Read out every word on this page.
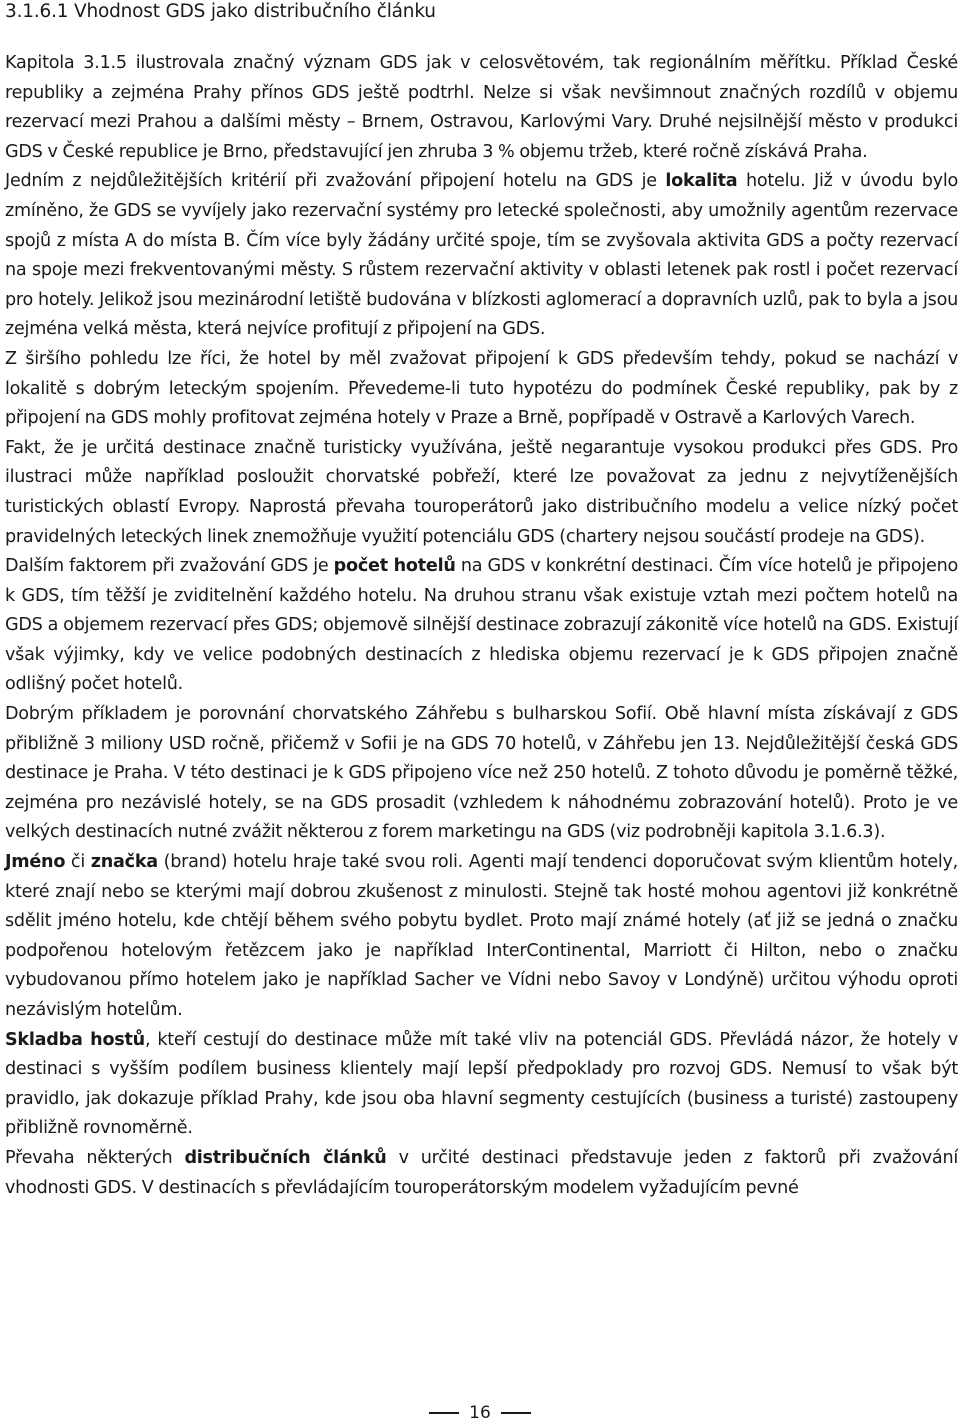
3.1.6.1 Vhodnost GDS jako distribučního článku

Kapitola 3.1.5 ilustrovala značný význam GDS jak v celosvětovém, tak regionálním měřítku. Příklad České republiky a zejména Prahy přínos GDS ještě podtrhl. Nelze si však nevšimnout značných rozdílů v objemu rezervací mezi Prahou a dalšími městy – Brnem, Ostravou, Karlovými Vary. Druhé nejsilnější město v produkci GDS v České republice je Brno, představující jen zhruba 3 % objemu tržeb, které ročně získává Praha.

Jedním z nejdůležitějších kritérií při zvažování připojení hotelu na GDS je lokalita hotelu. Již v úvodu bylo zmíněno, že GDS se vyvíjely jako rezervační systémy pro letecké společnosti, aby umožnily agentům rezervace spojů z místa A do místa B. Čím více byly žádány určité spoje, tím se zvyšovala aktivita GDS a počty rezervací na spoje mezi frekventovanými městy. S růstem rezervační aktivity v oblasti letenek pak rostl i počet rezervací pro hotely. Jelikož jsou mezinárodní letiště budována v blízkosti aglomerací a dopravních uzlů, pak to byla a jsou zejména velká města, která nejvíce profitují z připojení na GDS.

Z širšího pohledu lze říci, že hotel by měl zvažovat připojení k GDS především tehdy, pokud se nachází v lokalitě s dobrým leteckým spojením. Převedeme-li tuto hypotézu do podmínek České republiky, pak by z připojení na GDS mohly profitovat zejména hotely v Praze a Brně, popřípadě v Ostravě a Karlových Varech.

Fakt, že je určitá destinace značně turisticky využívána, ještě negarantuje vysokou produkci přes GDS. Pro ilustraci může například posloužit chorvatské pobřeží, které lze považovat za jednu z nejvytíženějších turistických oblastí Evropy. Naprostá převaha touroperátorů jako distribučního modelu a velice nízký počet pravidelných leteckých linek znemožňuje využití potenciálu GDS (chartery nejsou součástí prodeje na GDS).

Dalším faktorem při zvažování GDS je počet hotelů na GDS v konkrétní destinaci. Čím více hotelů je připojeno k GDS, tím těžší je zviditelnění každého hotelu. Na druhou stranu však existuje vztah mezi počtem hotelů na GDS a objemem rezervací přes GDS; objemově silnější destinace zobrazují zákonitě více hotelů na GDS. Existují však výjimky, kdy ve velice podobných destinacích z hlediska objemu rezervací je k GDS připojen značně odlišný počet hotelů.

Dobrým příkladem je porovnání chorvatského Záhřebu s bulharskou Sofií. Obě hlavní místa získávají z GDS přibližně 3 miliony USD ročně, přičemž v Sofii je na GDS 70 hotelů, v Záhřebu jen 13. Nejdůležitější česká GDS destinace je Praha. V této destinaci je k GDS připojeno více než 250 hotelů. Z tohoto důvodu je poměrně těžké, zejména pro nezávislé hotely, se na GDS prosadit (vzhledem k náhodnému zobrazování hotelů). Proto je ve velkých destinacích nutné zvážit některou z forem marketingu na GDS (viz podrobněji kapitola 3.1.6.3).

Jméno či značka (brand) hotelu hraje také svou roli. Agenti mají tendenci doporučovat svým klientům hotely, které znají nebo se kterými mají dobrou zkušenost z minulosti. Stejně tak hosté mohou agentovi již konkrétně sdělit jméno hotelu, kde chtějí během svého pobytu bydlet. Proto mají známé hotely (ať již se jedná o značku podpořenou hotelovým řetězcem jako je například InterContinental, Marriott či Hilton, nebo o značku vybudovanou přímo hotelem jako je například Sacher ve Vídni nebo Savoy v Londýně) určitou výhodu oproti nezávislým hotelům.

Skladba hostů, kteří cestují do destinace může mít také vliv na potenciál GDS. Převládá názor, že hotely v destinaci s vyšším podílem business klientely mají lepší předpoklady pro rozvoj GDS. Nemusí to však být pravidlo, jak dokazuje příklad Prahy, kde jsou oba hlavní segmenty cestujících (business a turisté) zastoupeny přibližně rovnoměrně.

Převaha některých distribučních článků v určité destinaci představuje jeden z faktorů při zvažování vhodnosti GDS. V destinacích s převládajícím touroperátorským modelem vyžadujícím pevné

16
